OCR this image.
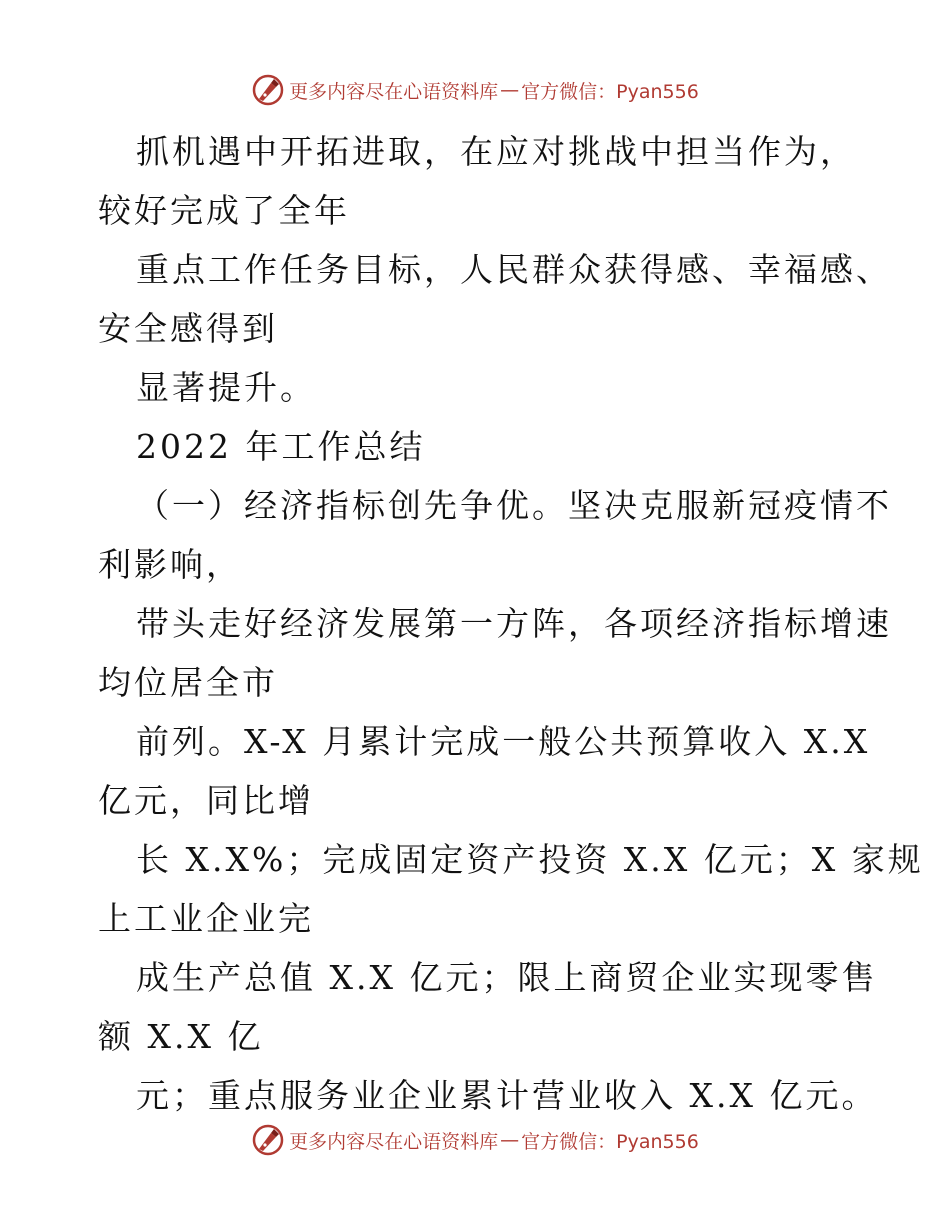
更多内容尽在心语资料库 — 官方微信：Pyan556
抓机遇中开拓进取，在应对挑战中担当作为，
较好完成了全年
重点工作任务目标，人民群众获得感、幸福感、
安全感得到
显著提升。
2022 年工作总结
（一）经济指标创先争优。坚决克服新冠疫情不
利影响，
带头走好经济发展第一方阵，各项经济指标增速
均位居全市
前列。X-X 月累计完成一般公共预算收入 X.X
亿元，同比增
长 X.X%；完成固定资产投资 X.X 亿元；X 家规
上工业企业完
成生产总值 X.X 亿元；限上商贸企业实现零售
额 X.X 亿
元；重点服务业企业累计营业收入 X.X 亿元。
更多内容尽在心语资料库 — 官方微信：Pyan556
